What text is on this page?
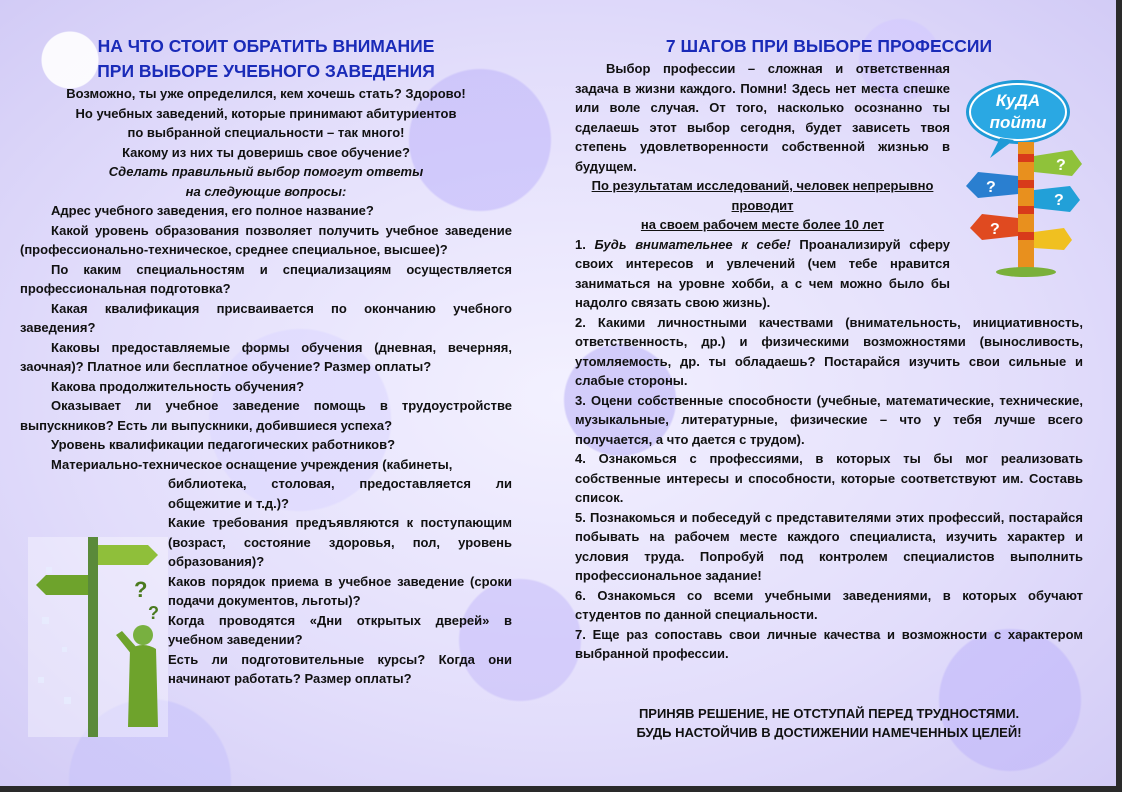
НА ЧТО СТОИТ ОБРАТИТЬ ВНИМАНИЕ
ПРИ ВЫБОРЕ УЧЕБНОГО ЗАВЕДЕНИЯ

Возможно, ты уже определился, кем хочешь стать? Здорово!

Но учебных заведений, которые принимают абитуриентов

по выбранной специальности – так много!

Какому из них ты доверишь свое обучение?

Сделать правильный выбор помогут ответы

на следующие вопросы:

Адрес учебного заведения, его полное название?

Какой уровень образования позволяет получить учебное заведение (профессионально-техническое, среднее специальное, высшее)?

По каким специальностям и специализациям осуществляется профессиональная подготовка?

Какая квалификация присваивается по окончанию учебного заведения?

Каковы предоставляемые формы обучения (дневная, вечерняя, заочная)? Платное или бесплатное обучение? Размер оплаты?

Какова продолжительность обучения?

Оказывает ли учебное заведение помощь в трудоустройстве выпускников? Есть ли выпускники, добившиеся успеха?

Уровень квалификации педагогических работников?

Материально-техническое оснащение учреждения (кабинеты,

библиотека, столовая, предоставляется ли общежитие и т.д.)?

Какие требования предъявляются к поступающим (возраст, состояние здоровья, пол, уровень образования)?

Каков порядок приема в учебное заведение (сроки подачи документов, льготы)?

Когда проводятся «Дни открытых дверей» в учебном заведении?

Есть ли подготовительные курсы? Когда они начинают работать? Размер оплаты?

?
?
7 ШАГОВ ПРИ ВЫБОРЕ ПРОФЕССИИ

Выбор профессии – сложная и ответственная задача в жизни каждого. Помни! Здесь нет места спешке или воле случая. От того, насколько осознанно ты сделаешь этот выбор сегодня, будет зависеть твоя степень удовлетворенности собственной жизнью в будущем.

По результатам исследований, человек непрерывно

проводит

на своем рабочем месте более 10 лет

1. Будь внимательнее к себе! Проанализируй сферу своих интересов и увлечений (чем тебе нравится заниматься на уровне хобби, а с чем можно было бы надолго связать свою жизнь).

2. Какими личностными качествами (внимательность, инициативность, ответственность, др.) и физическими возможностями (выносливость, утомляемость, др. ты обладаешь? Постарайся изучить свои сильные и слабые стороны.

3. Оцени собственные способности (учебные, математические, технические, музыкальные, литературные, физические – что у тебя лучше всего получается, а что дается с трудом).

4. Ознакомься с профессиями, в которых ты бы мог реализовать собственные интересы и способности, которые соответствуют им. Составь список.

5. Познакомься и побеседуй с представителями этих профессий, постарайся побывать на рабочем месте каждого специалиста, изучить характер и условия труда. Попробуй под контролем специалистов выполнить профессиональное задание!

6. Ознакомься со всеми учебными заведениями, в которых обучают студентов по данной специальности.

7. Еще раз сопоставь свои личные качества и возможности с характером выбранной профессии.

КуДА
пойти
?
?
?
?
ПРИНЯВ РЕШЕНИЕ, НЕ ОТСТУПАЙ ПЕРЕД ТРУДНОСТЯМИ.
БУДЬ НАСТОЙЧИВ В ДОСТИЖЕНИИ НАМЕЧЕННЫХ ЦЕЛЕЙ!
